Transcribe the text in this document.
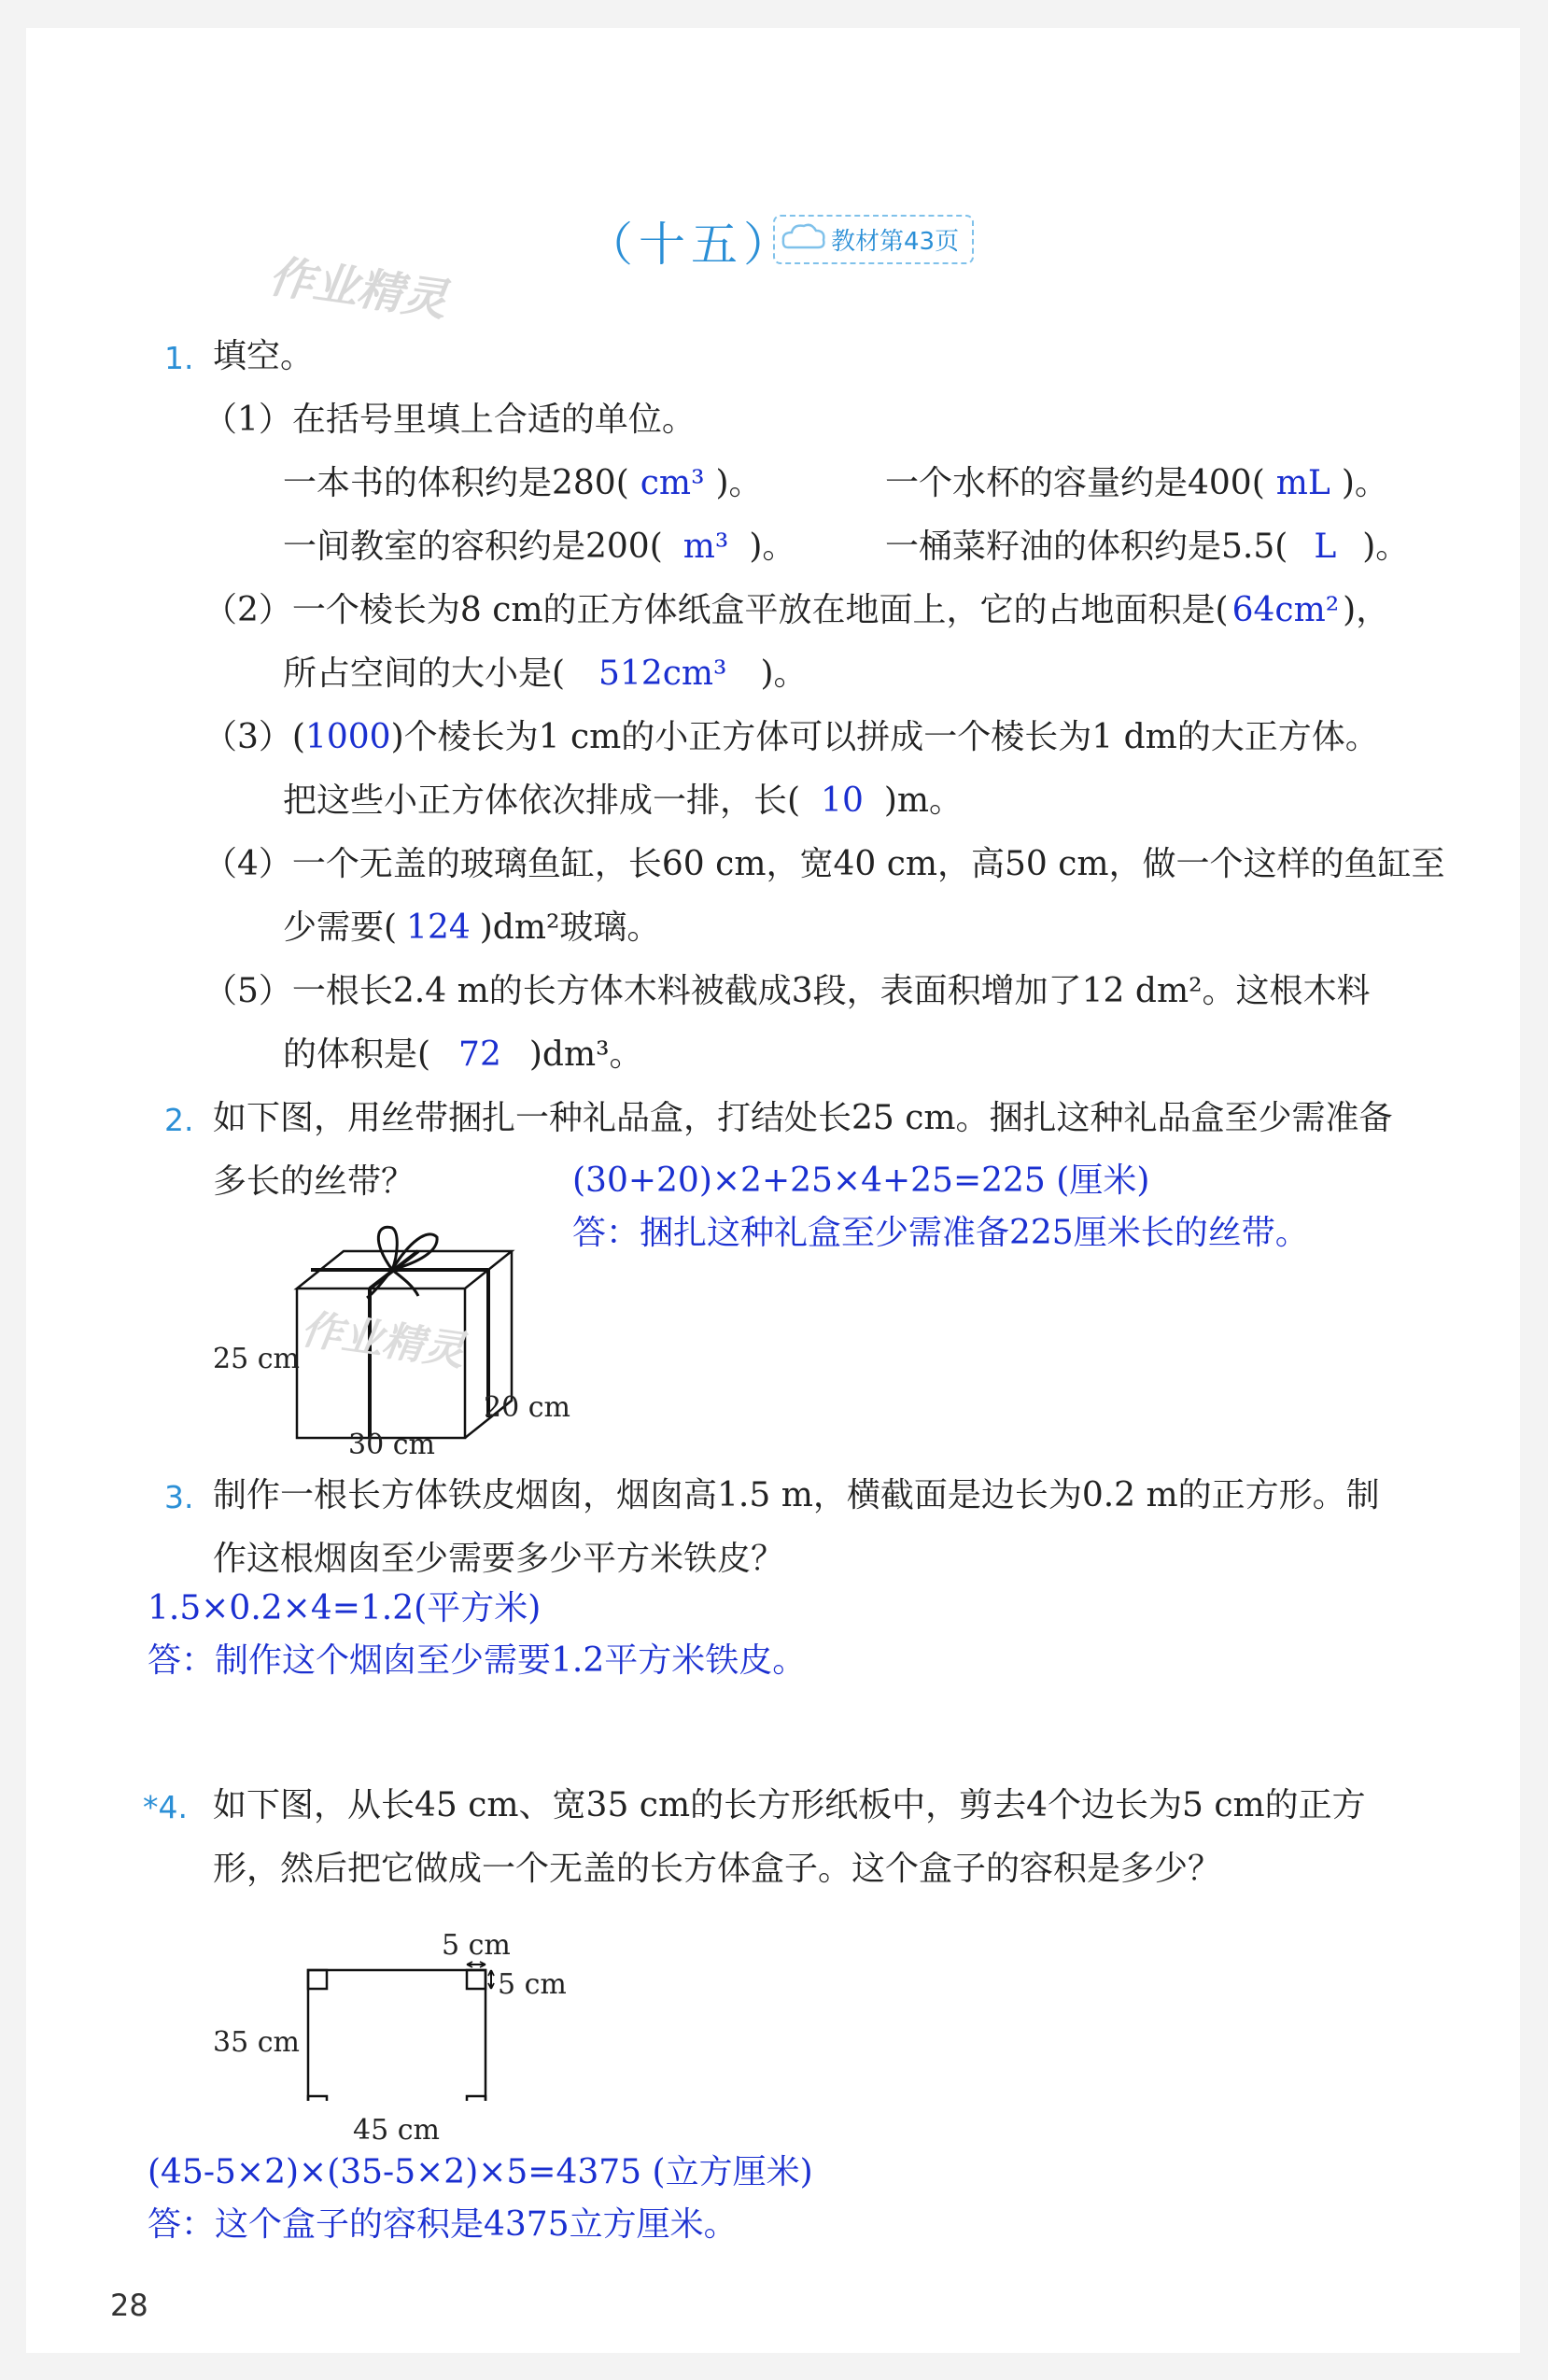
作业精灵
（十五）	教材第43页
1. 填空。
（1）在括号里填上合适的单位。
一本书的体积约是280( cm³ )。	一个水杯的容量约是400( mL )。
一间教室的容积约是200( m³ )。	一桶菜籽油的体积约是5.5( L )。
（2）一个棱长为8 cm的正方体纸盒平放在地面上，它的占地面积是( 64cm² )，
所占空间的大小是( 512cm³ )。
（3）(1000)个棱长为1 cm的小正方体可以拼成一个棱长为1 dm的大正方体。
把这些小正方体依次排成一排，长( 10 )m。
（4）一个无盖的玻璃鱼缸，长60 cm，宽40 cm，高50 cm，做一个这样的鱼缸至
少需要( 124 )dm²玻璃。
（5）一根长2.4 m的长方体木料被截成3段，表面积增加了12 dm²。这根木料
的体积是( 72 )dm³。
2. 如下图，用丝带捆扎一种礼品盒，打结处长25 cm。捆扎这种礼品盒至少需准备
多长的丝带？	(30+20)×2+25×4+25=225 (厘米)
答：捆扎这种礼盒至少需准备225厘米长的丝带。
作业精灵
25 cm
30 cm
20 cm
3. 制作一根长方体铁皮烟囱，烟囱高1.5 m，横截面是边长为0.2 m的正方形。制
作这根烟囱至少需要多少平方米铁皮？
1.5×0.2×4=1.2(平方米)
答：制作这个烟囱至少需要1.2平方米铁皮。
*4. 如下图，从长45 cm、宽35 cm的长方形纸板中，剪去4个边长为5 cm的正方
形，然后把它做成一个无盖的长方体盒子。这个盒子的容积是多少？
5 cm
5 cm
35 cm
45 cm
(45-5×2)×(35-5×2)×5=4375 (立方厘米)
答：这个盒子的容积是4375立方厘米。
28
